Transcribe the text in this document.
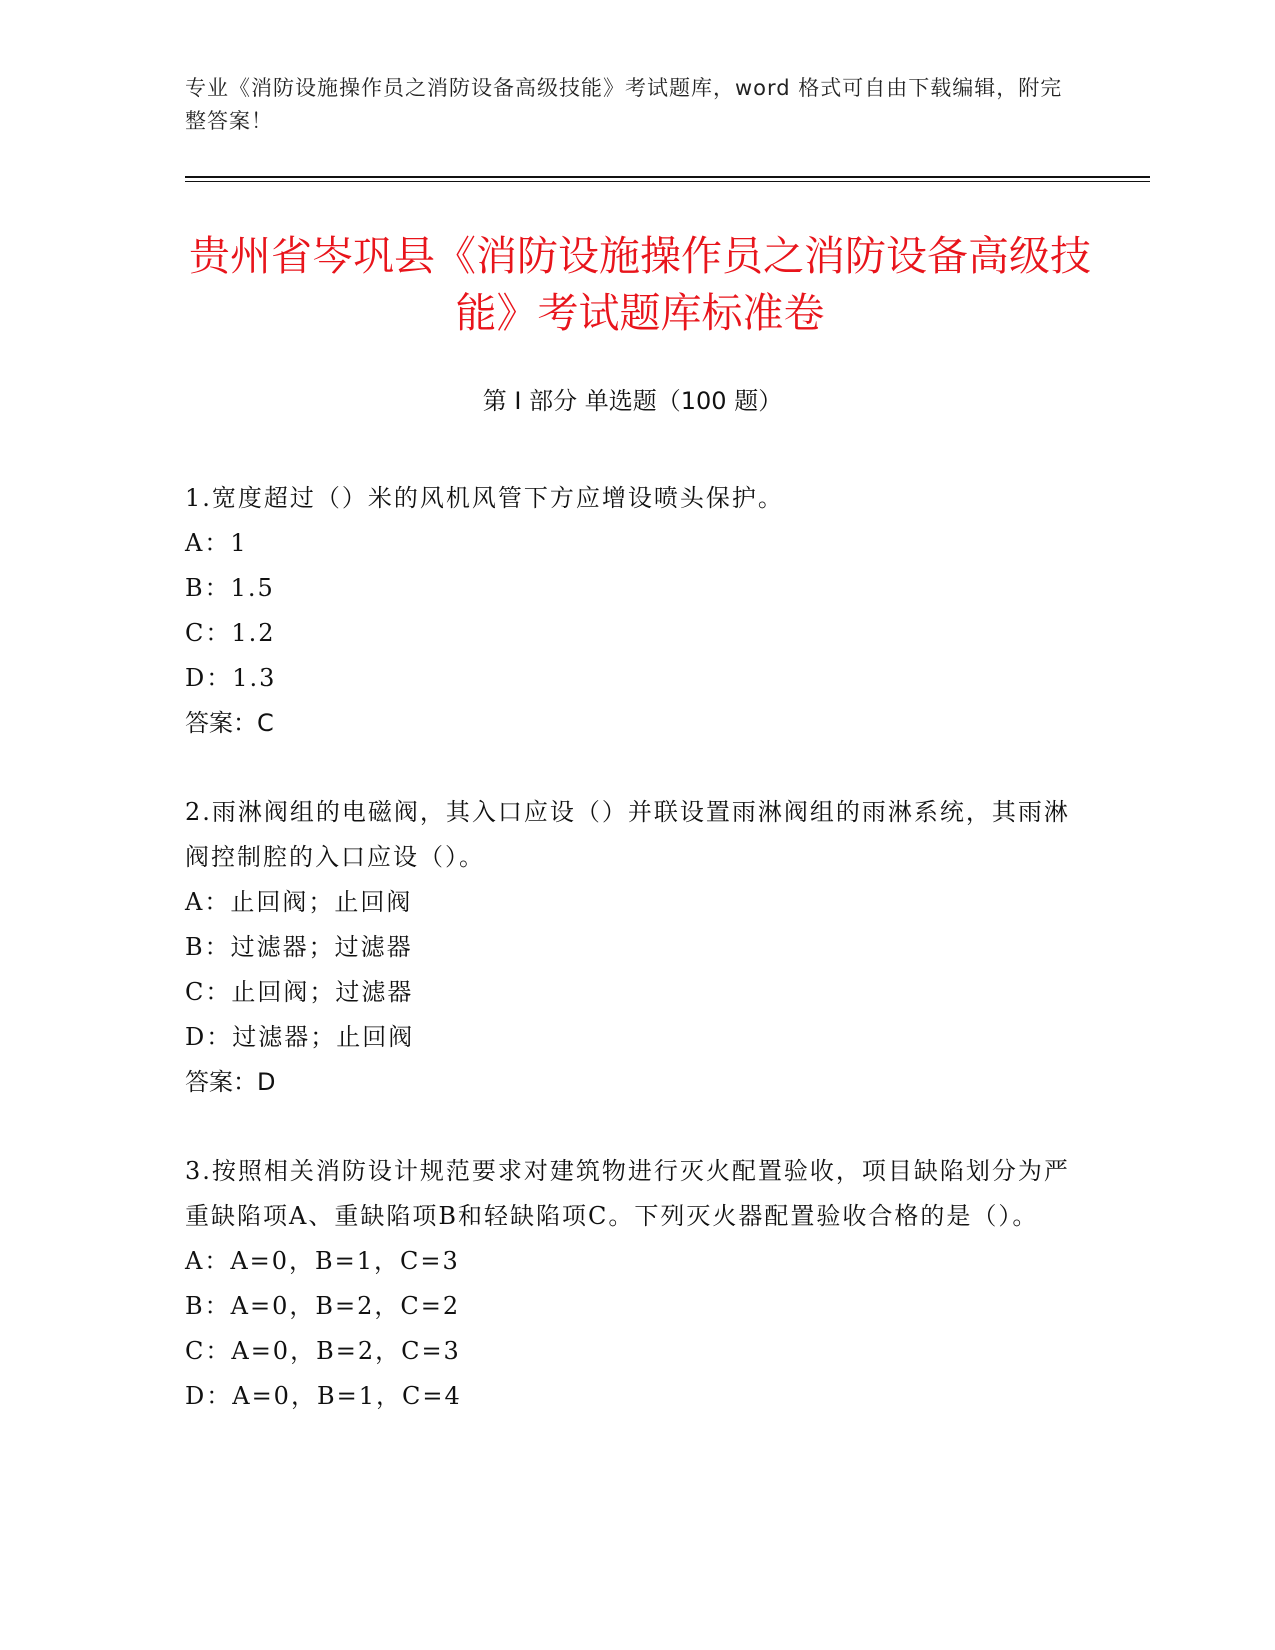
专业《消防设施操作员之消防设备高级技能》考试题库，word 格式可自由下载编辑，附完整答案！
贵州省岑巩县《消防设施操作员之消防设备高级技能》考试题库标准卷
第 I 部分 单选题（100 题）
1.宽度超过（）米的风机风管下方应增设喷头保护。
A：1
B：1.5
C：1.2
D：1.3
答案：C
2.雨淋阀组的电磁阀，其入口应设（）并联设置雨淋阀组的雨淋系统，其雨淋阀控制腔的入口应设（）。
A：止回阀；止回阀
B：过滤器；过滤器
C：止回阀；过滤器
D：过滤器；止回阀
答案：D
3.按照相关消防设计规范要求对建筑物进行灭火配置验收，项目缺陷划分为严重缺陷项A、重缺陷项B和轻缺陷项C。下列灭火器配置验收合格的是（）。
A：A=0，B=1，C=3
B：A=0，B=2，C=2
C：A=0，B=2，C=3
D：A=0，B=1，C=4
